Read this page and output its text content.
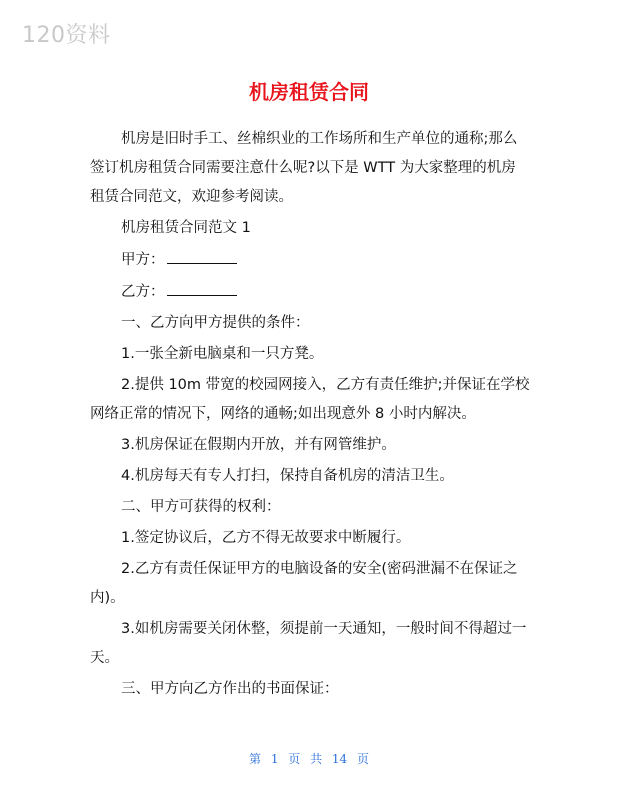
120资料
机房租赁合同

机房是旧时手工、丝棉织业的工作场所和生产单位的通称;那么签订机房租赁合同需要注意什么呢?以下是 WTT 为大家整理的机房租赁合同范文，欢迎参考阅读。

机房租赁合同范文 1

甲方：

乙方：

一、乙方向甲方提供的条件：

1.一张全新电脑桌和一只方凳。

2.提供 10m 带宽的校园网接入，乙方有责任维护;并保证在学校网络正常的情况下，网络的通畅;如出现意外 8 小时内解决。

3.机房保证在假期内开放，并有网管维护。

4.机房每天有专人打扫，保持自备机房的清洁卫生。

二、甲方可获得的权利：

1.签定协议后，乙方不得无故要求中断履行。

2.乙方有责任保证甲方的电脑设备的安全(密码泄漏不在保证之内)。

3.如机房需要关闭休整，须提前一天通知，一般时间不得超过一天。

三、甲方向乙方作出的书面保证：

第 1 页 共 14 页
